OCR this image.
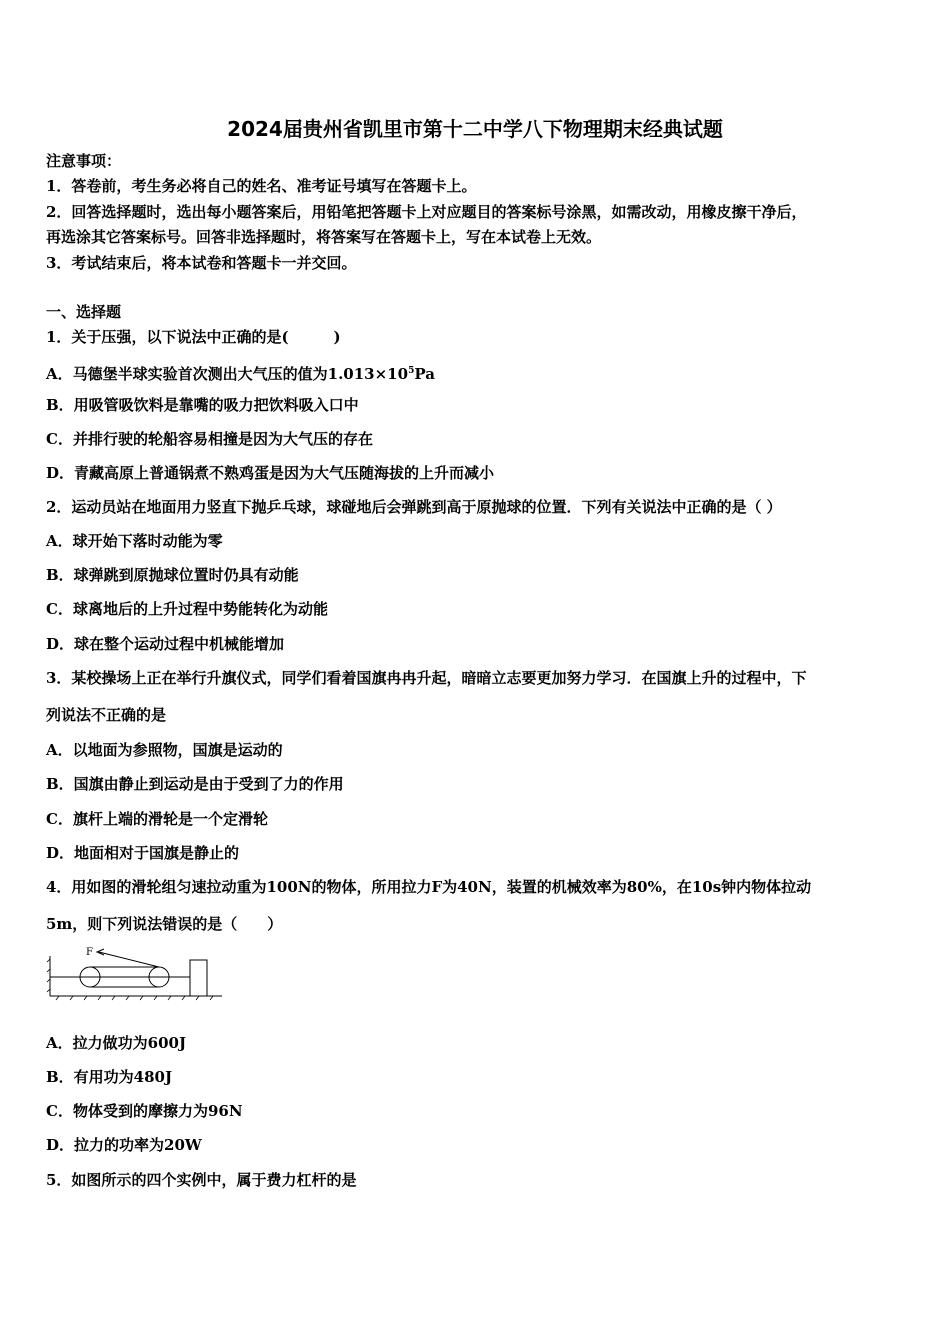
2024届贵州省凯里市第十二中学八下物理期末经典试题
注意事项：
1．答卷前，考生务必将自己的姓名、准考证号填写在答题卡上。
2．回答选择题时，选出每小题答案后，用铅笔把答题卡上对应题目的答案标号涂黑，如需改动，用橡皮擦干净后，
再选涂其它答案标号。回答非选择题时，将答案写在答题卡上，写在本试卷上无效。
3．考试结束后，将本试卷和答题卡一并交回。
一、选择题
1．关于压强，以下说法中正确的是(　　　)
A．马德堡半球实验首次测出大气压的值为$1.013\times 10^5Pa$
B．用吸管吸饮料是靠嘴的吸力把饮料吸入口中
C．并排行驶的轮船容易相撞是因为大气压的存在
D．青藏高原上普通锅煮不熟鸡蛋是因为大气压随海拔的上升而减小
2．运动员站在地面用力竖直下抛乒乓球，球碰地后会弹跳到高于原抛球的位置．下列有关说法中正确的是（ ）
A．球开始下落时动能为零
B．球弹跳到原抛球位置时仍具有动能
C．球离地后的上升过程中势能转化为动能
D．球在整个运动过程中机械能增加
3．某校操场上正在举行升旗仪式，同学们看着国旗冉冉升起，暗暗立志要更加努力学习．在国旗上升的过程中，下
列说法不正确的是
A．以地面为参照物，国旗是运动的
B．国旗由静止到运动是由于受到了力的作用
C．旗杆上端的滑轮是一个定滑轮
D．地面相对于国旗是静止的
4．用如图的滑轮组匀速拉动重为100N的物体，所用拉力F为40N，装置的机械效率为80%，在10s钟内物体拉动
5m，则下列说法错误的是（　　）
F
A．拉力做功为600J
B．有用功为480J
C．物体受到的摩擦力为96N
D．拉力的功率为20W
5．如图所示的四个实例中，属于费力杠杆的是
